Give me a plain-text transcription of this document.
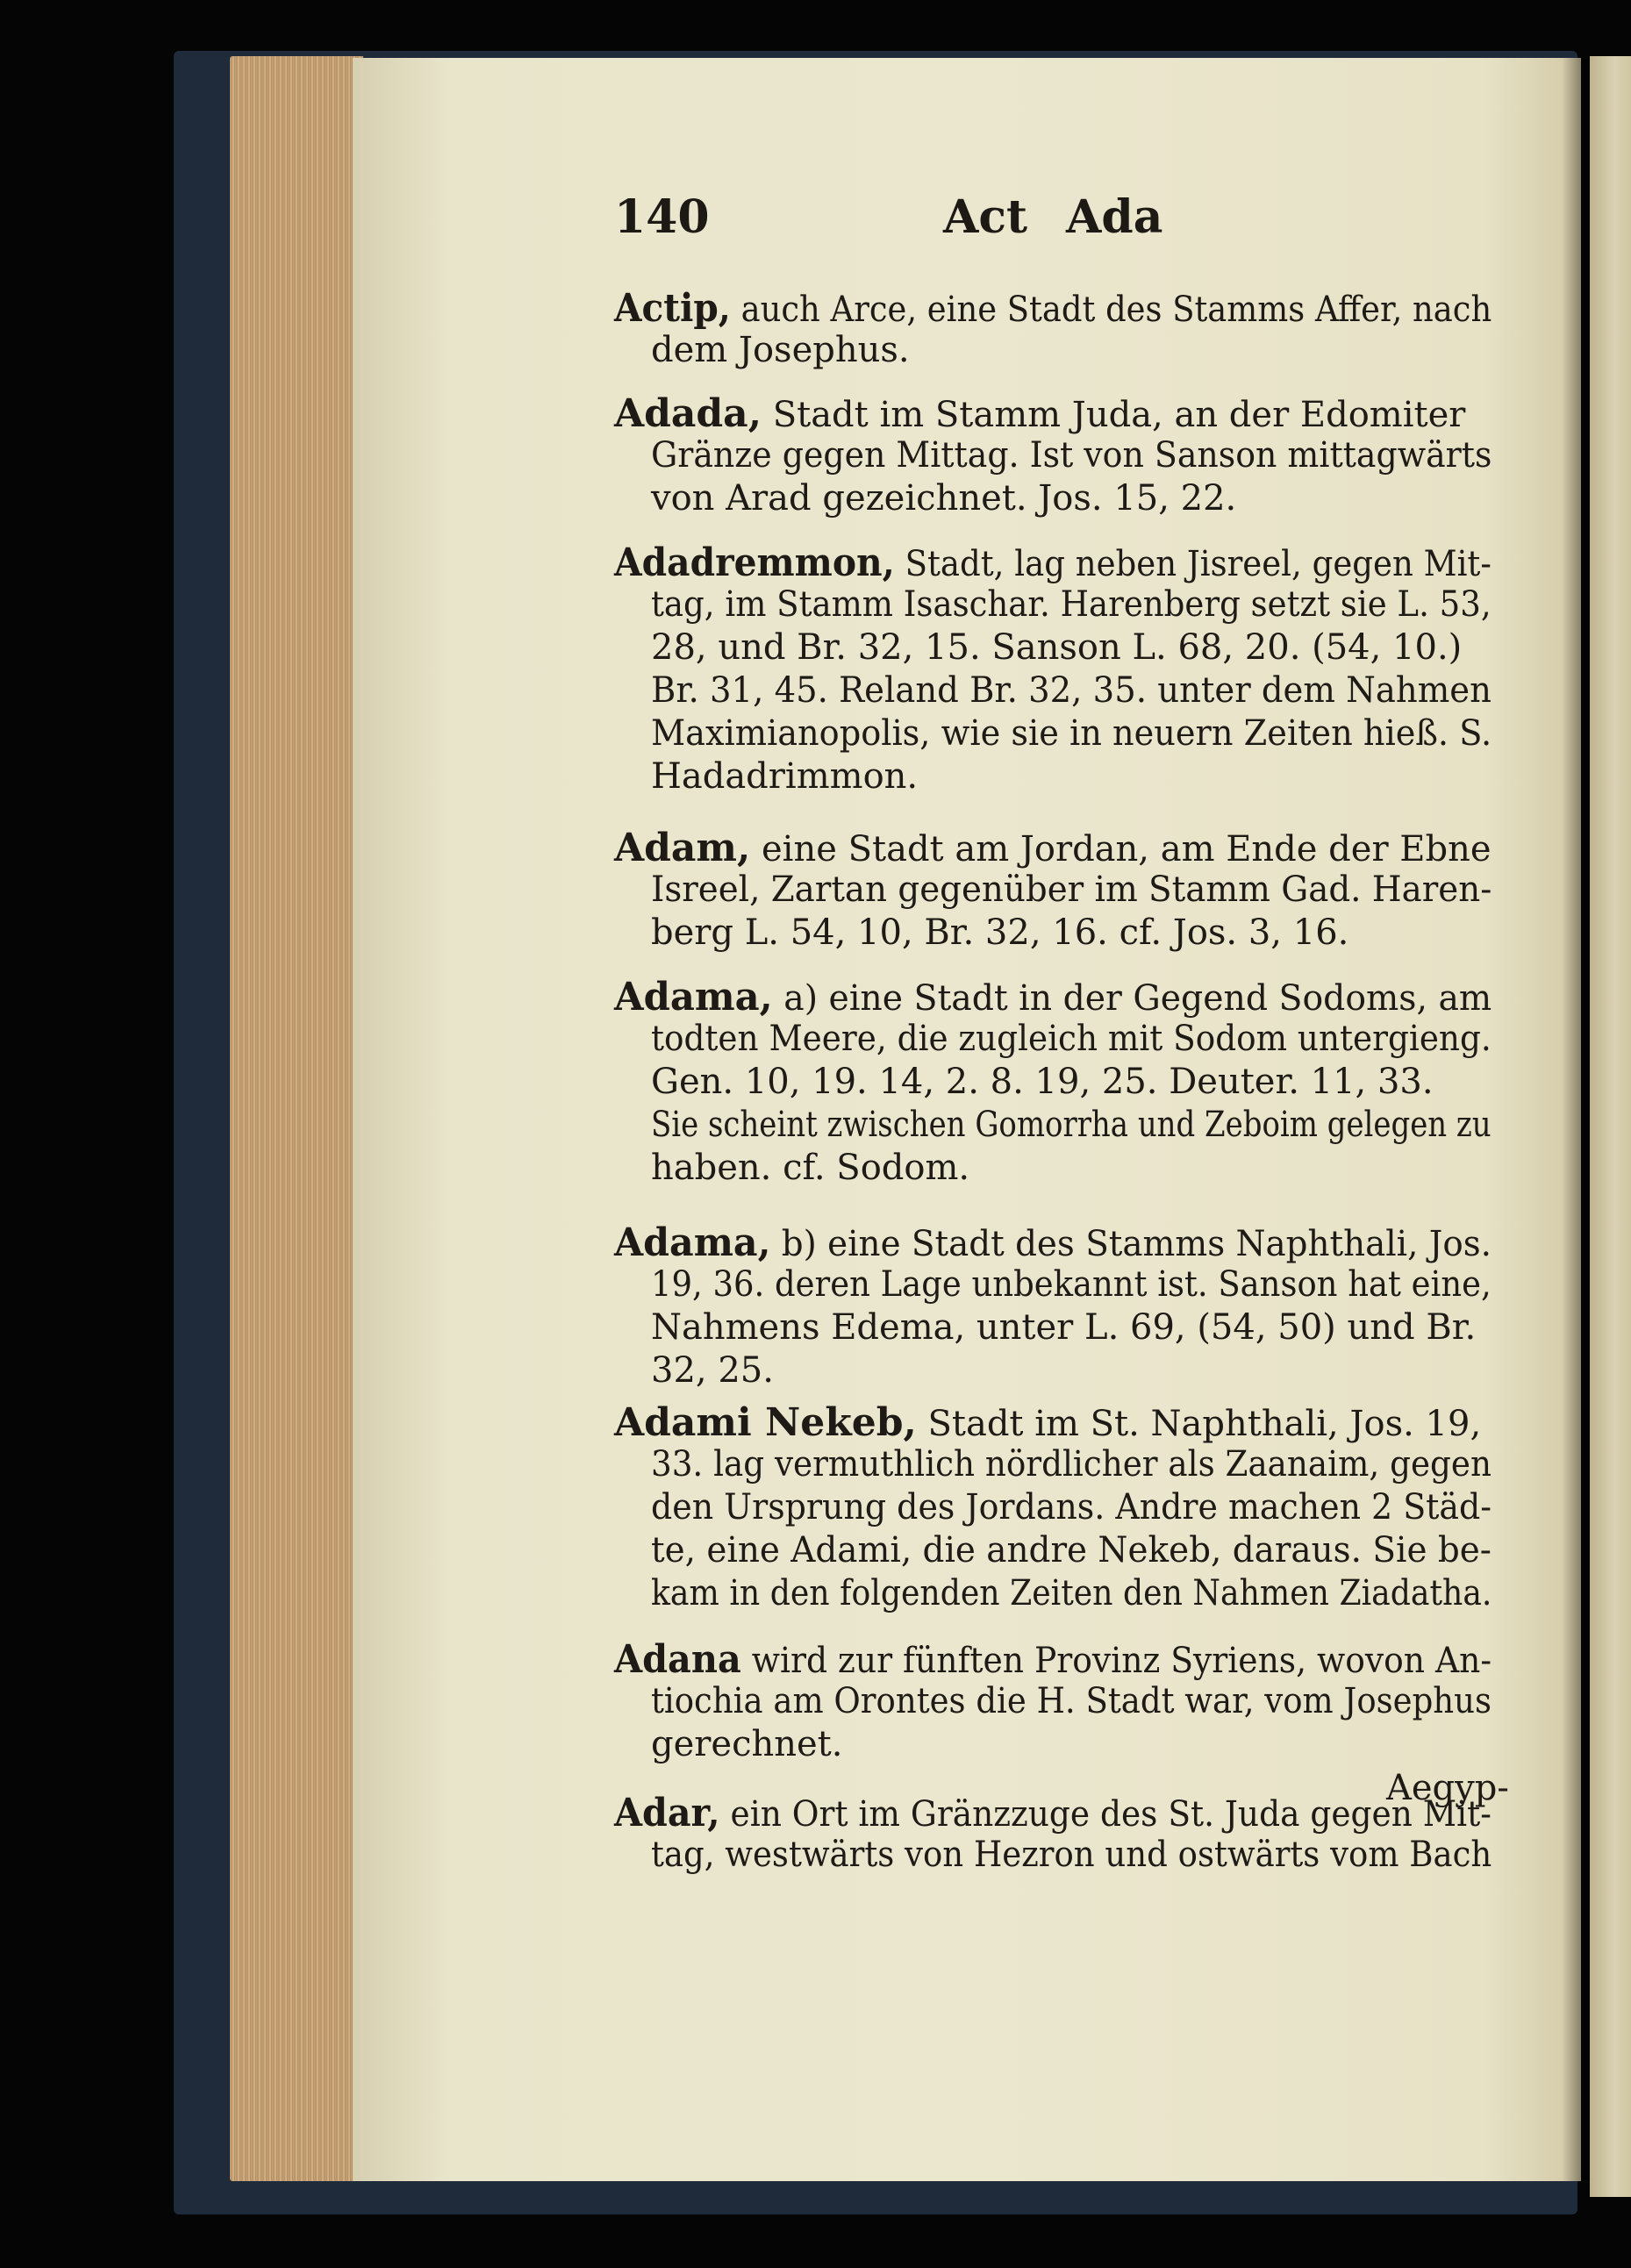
140	Act Ada
Actip, auch Arce, eine Stadt des Stamms Affer, nach
dem Josephus.
Adada, Stadt im Stamm Juda, an der Edomiter
Gränze gegen Mittag. Ist von Sanson mittagwärts
von Arad gezeichnet. Jos. 15, 22.
Adadremmon, Stadt, lag neben Jisreel, gegen Mit-
tag, im Stamm Isaschar. Harenberg setzt sie L. 53,
28, und Br. 32, 15. Sanson L. 68, 20. (54, 10.)
Br. 31, 45. Reland Br. 32, 35. unter dem Nahmen
Maximianopolis, wie sie in neuern Zeiten hieß. S.
Hadadrimmon.
Adam, eine Stadt am Jordan, am Ende der Ebne
Isreel, Zartan gegenüber im Stamm Gad. Haren-
berg L. 54, 10, Br. 32, 16. cf. Jos. 3, 16.
Adama, a) eine Stadt in der Gegend Sodoms, am
todten Meere, die zugleich mit Sodom untergieng.
Gen. 10, 19. 14, 2. 8. 19, 25. Deuter. 11, 33.
Sie scheint zwischen Gomorrha und Zeboim gelegen zu
haben. cf. Sodom.
Adama, b) eine Stadt des Stamms Naphthali, Jos.
19, 36. deren Lage unbekannt ist. Sanson hat eine,
Nahmens Edema, unter L. 69, (54, 50) und Br.
32, 25.
Adami Nekeb, Stadt im St. Naphthali, Jos. 19,
33. lag vermuthlich nördlicher als Zaanaim, gegen
den Ursprung des Jordans. Andre machen 2 Städ-
te, eine Adami, die andre Nekeb, daraus. Sie be-
kam in den folgenden Zeiten den Nahmen Ziadatha.
Adana wird zur fünften Provinz Syriens, wovon An-
tiochia am Orontes die H. Stadt war, vom Josephus
gerechnet.
Adar, ein Ort im Gränzzuge des St. Juda gegen Mit-
tag, westwärts von Hezron und ostwärts vom Bach
Aegyp-
